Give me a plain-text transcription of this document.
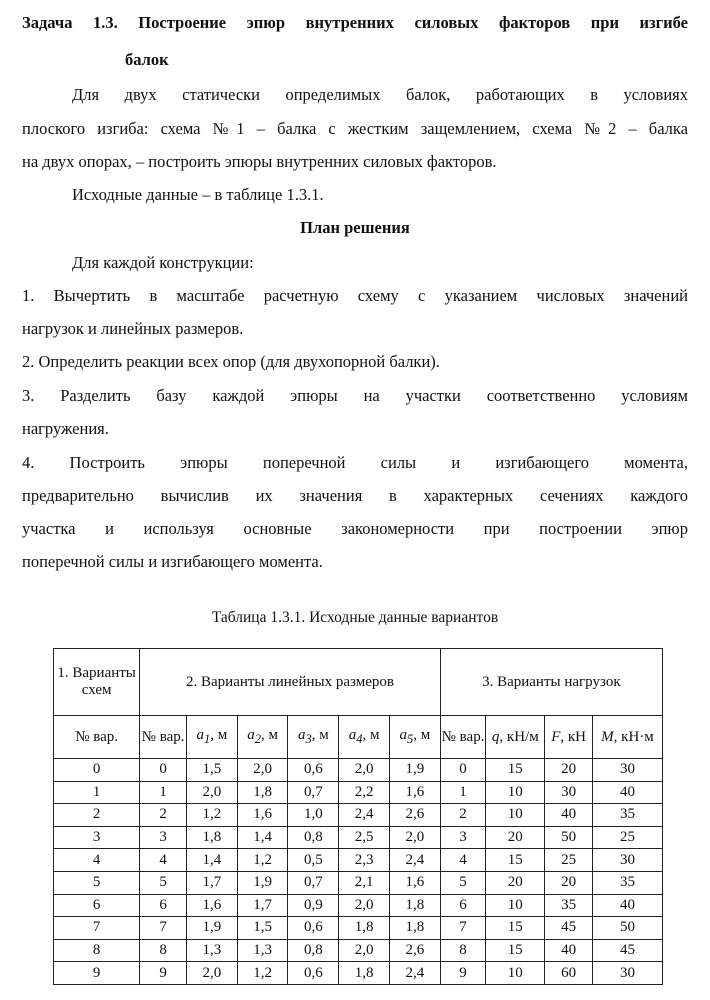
Задача 1.3. Построение эпюр внутренних силовых факторов при изгибе
балок
Для двух статически определимых балок, работающих в условиях
плоского изгиба: схема №1 – балка с жестким защемлением, схема №2 – балка
на двух опорах, – построить эпюры внутренних силовых факторов.
Исходные данные – в таблице 1.3.1.
План решения
Для каждой конструкции:
1. Вычертить в масштабе расчетную схему с указанием числовых значений
нагрузок и линейных размеров.
2. Определить реакции всех опор (для двухопорной балки).
3. Разделить базу каждой эпюры на участки соответственно условиям
нагружения.
4. Построить эпюры поперечной силы и изгибающего момента,
предварительно вычислив их значения в характерных сечениях каждого
участка и используя основные закономерности при построении эпюр
поперечной силы и изгибающего момента.
Таблица 1.3.1. Исходные данные вариантов
1. Варианты схем	2. Варианты линейных размеров						3. Варианты нагрузок			
№ вар.	№ вар.	$a_1$, м	$a_2$, м	$a_3$, м	$a_4$, м	$a_5$, м	№ вар.	q, кН/м	F, кН	M, кН·м
0	0	1,5	2,0	0,6	2,0	1,9	0	15	20	30
1	1	2,0	1,8	0,7	2,2	1,6	1	10	30	40
2	2	1,2	1,6	1,0	2,4	2,6	2	10	40	35
3	3	1,8	1,4	0,8	2,5	2,0	3	20	50	25
4	4	1,4	1,2	0,5	2,3	2,4	4	15	25	30
5	5	1,7	1,9	0,7	2,1	1,6	5	20	20	35
6	6	1,6	1,7	0,9	2,0	1,8	6	10	35	40
7	7	1,9	1,5	0,6	1,8	1,8	7	15	45	50
8	8	1,3	1,3	0,8	2,0	2,6	8	15	40	45
9	9	2,0	1,2	0,6	1,8	2,4	9	10	60	30
